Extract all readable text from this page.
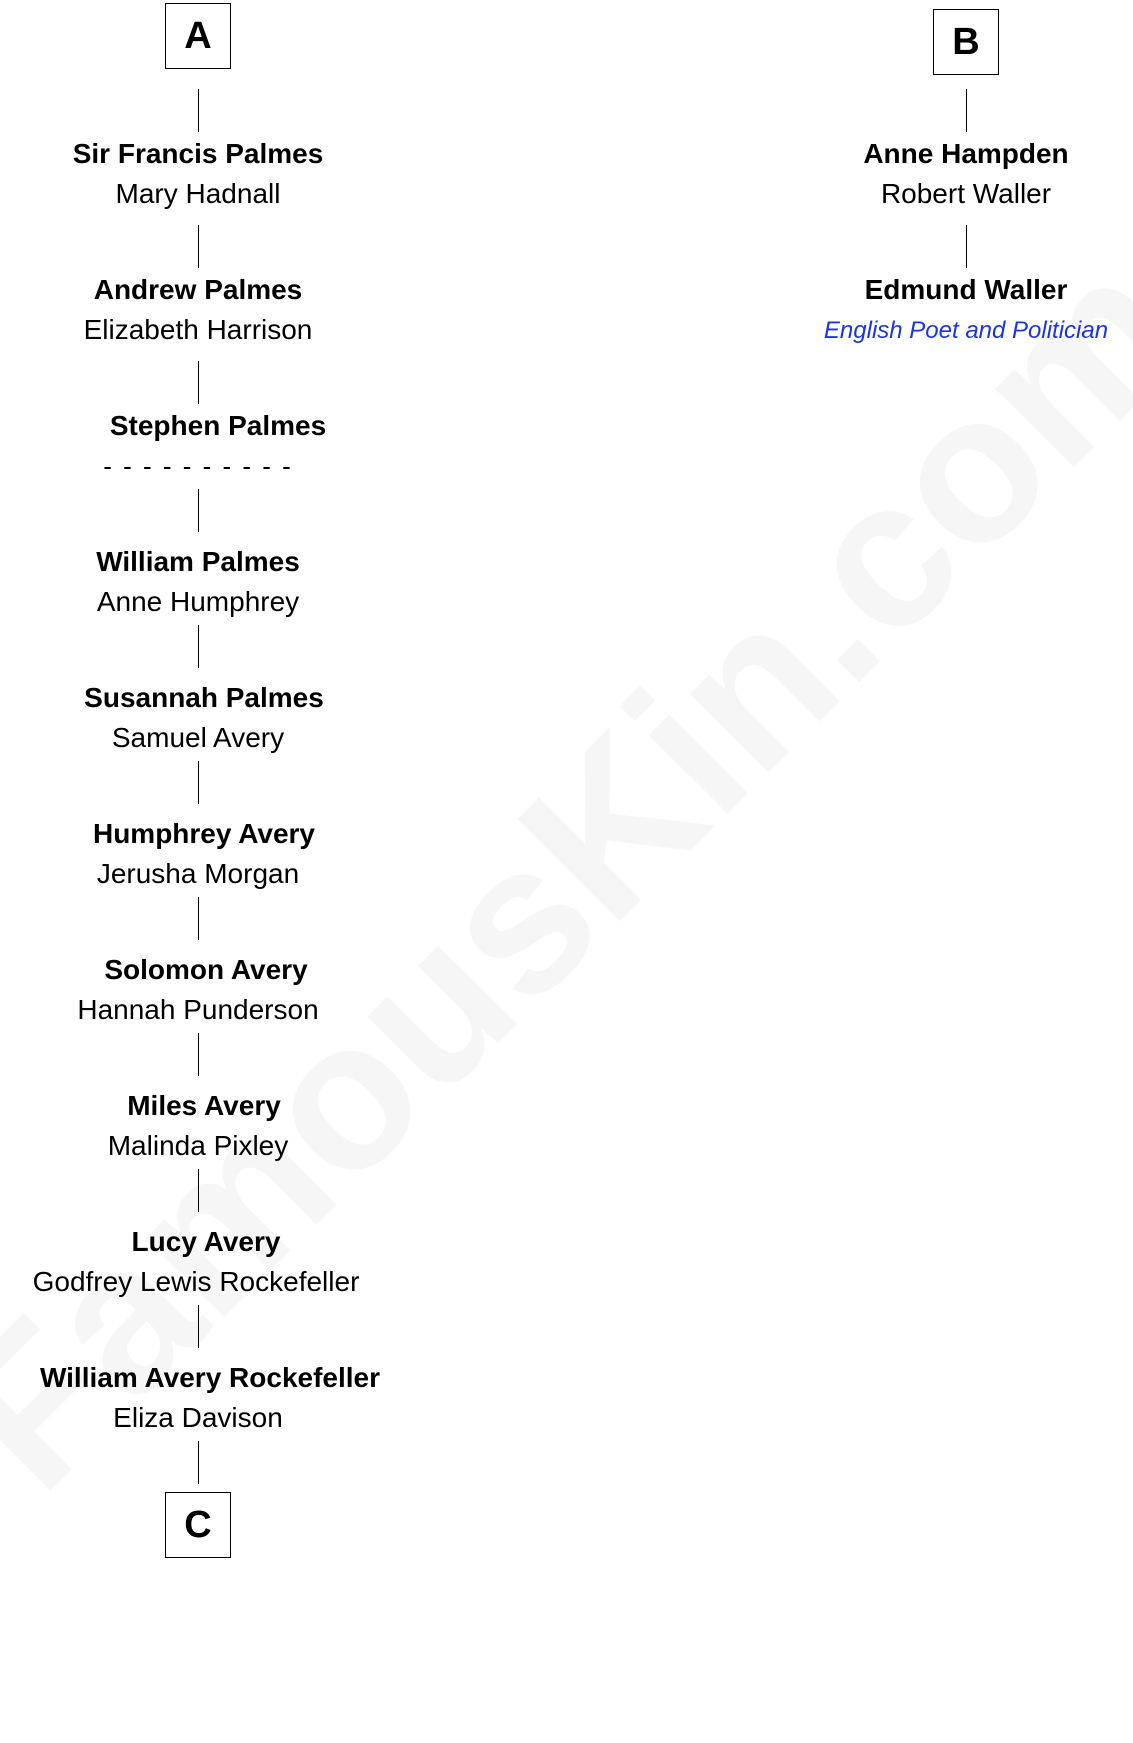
A
Sir Francis Palmes
Mary Hadnall
Andrew Palmes
Elizabeth Harrison
Stephen Palmes
- - - - - - - - - -
William Palmes
Anne Humphrey
Susannah Palmes
Samuel Avery
Humphrey Avery
Jerusha Morgan
Solomon Avery
Hannah Punderson
Miles Avery
Malinda Pixley
Lucy Avery
Godfrey Lewis Rockefeller
William Avery Rockefeller
Eliza Davison
C
B
Anne Hampden
Robert Waller
Edmund Waller
English Poet and Politician
